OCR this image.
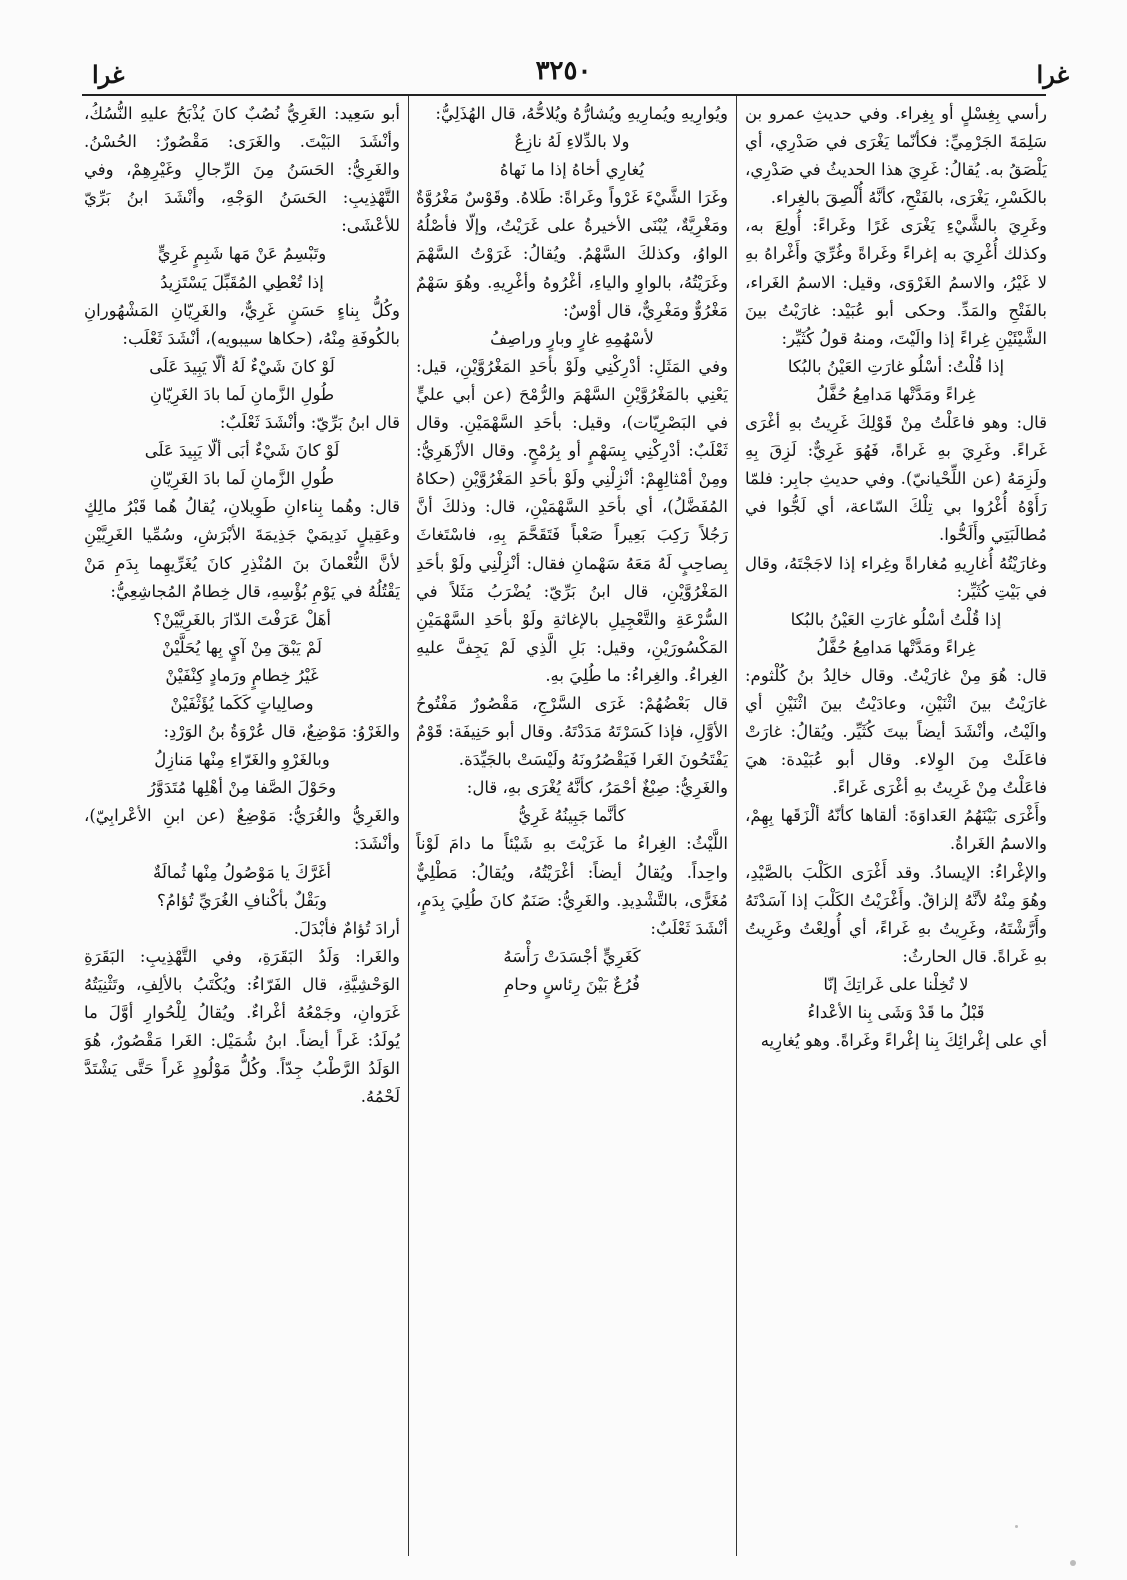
غرا
٣٢٥٠
غرا
رأسي بِغِسْلٍ أو بِغِراء. وفي حديثِ عمرو بن سَلِمَةَ الجَرْمِيِّ: فكأنّما يَغْرَى في صَدْرِي، أي يَلْصَقُ به. يُقالُ: غَرِيَ هذا الحديثُ في صَدْرِي، بالكَسْرِ، يَغْرَى، بالفَتْحِ، كأنَّهُ أُلْصِقَ بالغِراء.
وغَرِيَ بالشَّيْءِ يَغْرَى غَرًا وغَراءً: أُولِعَ به، وكذلك أُغْرِيَ به إغراءً وغَراةً وغُرِّيَ وأَغْراهُ بهِ لا غَيْرُ، والاسمُ الغَرْوَى، وقيل: الاسمُ الغَراء، بالفَتْحِ والمَدِّ. وحكى أبو عُبَيْد: غارَيْتُ بينَ الشَّيْئَيْنِ غِراءً إذا والَيْتَ، ومنهُ قولُ كُثَيِّر:
إذا قُلْتُ: أسْلُو غارَتِ العَيْنُ بالبُكا
غِراءً ومَدَّتْها مَدامِعُ حُفَّلُ
قال: وهو فاعَلْتُ مِنْ قَوْلِكَ غَرِيتُ بهِ أغْرَى غَراءً. وغَرِيَ بهِ غَراةً، فَهُوَ غَرِيٌّ: لَزِقَ بِهِ ولَزِمَهُ (عن اللِّحْيانيّ). وفي حديثِ جابِر: فلمّا رَأَوْهُ أُغْرُوا بي تِلْكَ السّاعة، أي لَجُّوا في مُطالَبَتِي وأَلَحُّوا.
وغارَيْتُهُ أُغارِيهِ مُغاراةً وغِراء إذا لاجَجْتَهُ، وقال في بَيْتِ كُثَيِّر:
إذا قُلْتُ أسْلُو غارَتِ العَيْنُ بالبُكا
غِراءً ومَدَّتْها مَدامِعُ حُفَّلُ
قال: هُوَ مِنْ غارَيْتُ. وقال خالِدُ بنُ كُلْثوم: غارَيْتُ بينَ اثْنَيْنِ، وعادَيْتُ بينَ اثْنَيْنِ أي والَيْتُ، وأنْشَدَ أيضاً بيتَ كُثَيِّر. ويُقالُ: غارَتْ فاعَلَتْ مِنَ الوِلاء. وقال أبو عُبَيْدة: هيَ فاعَلْتُ مِنْ غَرِيتُ بهِ أغْرَى غَراءً.
وأَغْرَى بَيْنَهُمُ العَداوَةَ: ألقاها كأنّهُ ألْزَقَها بِهِمْ، والاسمُ الغَراةُ.
والإغْراءُ: الإيسادُ. وقد أَغْرَى الكَلْبَ بالصَّيْدِ، وهُوَ مِنْهُ لأنَّهُ إلزاقٌ. وأَغْرَيْتُ الكَلْبَ إذا آسَدْتَهُ وأَرَّشْتَهُ، وغَرِيتُ بهِ غَراءً، أي أُولِعْتُ وغَرِيتُ بهِ غَراةً. قال الحارثُ:
لا تُخِلْنا على غَراتِكَ إنّا
قَبْلُ ما قَدْ وَشَى بِنا الأعْداءُ
أي على إغْرائِكَ بِنا إغْراءً وغَراةً. وهو يُغارِيه
ويُوارِيهِ ويُمارِيهِ ويُشارُّهُ ويُلاحُّهُ، قال الهُذَلِيُّ:
ولا بالدِّلاءِ لَهُ نازِعٌ
يُغارِي أخاهُ إذا ما نَهاهُ
وغَرَا الشَّيْءَ غَرْواً وغَراةً: طَلاهُ. وقَوْسٌ مَغْرُوَّةٌ ومَغْرِيَّةٌ، يُبْنَى الأخيرةُ على غَرَيْتُ، وإلّا فأصْلُهُ الواوُ، وكذلكَ السَّهْمُ. ويُقالُ: غَرَوْتُ السَّهْمَ وغَرَيْتُهُ، بالواوِ والياءِ، أغْرُوهُ وأغْرِيهِ. وهُوَ سَهْمٌ مَغْرُوٌّ ومَغْرِيٌّ، قال أوْسٌ:
لأسْهُمِهِ غارٍ وبارٍ وراصِفُ
وفي المَثَلِ: أدْرِكْنِي ولَوْ بأحَدِ المَغْرُوَّيْنِ، قيل: يَعْنِي بالمَغْرُوَّيْنِ السَّهْمَ والرُّمْحَ (عن أبي عليٍّ في البَصْرِيّات)، وقيل: بأحَدِ السَّهْمَيْنِ. وقال ثَعْلَبٌ: أدْرِكْنِي بِسَهْمٍ أو بِرُمْحٍ. وقال الأزْهَرِيُّ: ومِنْ أمْثالِهِمْ: أنْزِلْنِي ولَوْ بأحَدِ المَغْرُوَّيْنِ (حكاهُ المُفَضَّلُ)، أي بأحَدِ السَّهْمَيْنِ، قال: وذلكَ أنَّ رَجُلاً رَكِبَ بَعِيراً صَعْباً فَتَقَحَّمَ بِهِ، فاسْتَغاثَ بِصاحِبٍ لَهُ مَعَهُ سَهْمانِ فقال: أنْزِلْنِي ولَوْ بأحَدِ المَغْرُوَّيْنِ، قال ابنُ بَرِّيّ: يُضْرَبُ مَثَلاً في السُّرْعَةِ والتَّعْجِيلِ بالإغاثةِ ولَوْ بأحَدِ السَّهْمَيْنِ المَكْسُورَيْنِ، وقيل: بَلِ الَّذِي لَمْ يَجِفَّ عليهِ الغِراءُ. والغِراءُ: ما طُلِيَ بهِ.
قال بَعْضُهُمْ: غَرَى السَّرْجِ، مَقْصُورٌ مَفْتُوحُ الأوَّلِ، فإذا كَسَرْتَهُ مَدَدْتَهُ. وقال أبو حَنِيفَة: قَوْمٌ يَفْتَحُونَ الغَرا فَيَقْصُرُونَهُ ولَيْسَتْ بالجَيِّدَة.
والغَرِيُّ: صِبْغٌ أحْمَرُ، كأنَّهُ يُغْرَى بهِ، قال:
كأنَّما جَبِينُهُ غَرِيُّ
اللَّيْثُ: الغِراءُ ما غَرَيْتَ بهِ شَيْئاً ما دامَ لَوْناً واحِداً. ويُقالُ أيضاً: أغْرَيْتُهُ، ويُقالُ: مَطْلِيٌّ مُغَرًّى، بالتَّشْدِيدِ. والغَرِيُّ: صَنَمٌ كانَ طُلِيَ بِدَمٍ، أنْشَدَ ثَعْلَبٌ:
كَغَرِيٍّ أجْسَدَتْ رَأْسَهُ
فُرُعٌ بَيْنَ رِئاسٍ وحامِ
أبو سَعِيد: الغَرِيُّ نُصُبٌ كانَ يُذْبَحُ عليهِ النُّسُكُ، وأنْشَدَ البَيْتَ. والغَرَى: مَقْصُورٌ: الحُسْنُ. والغَرِيُّ: الحَسَنُ مِنَ الرِّجالِ وغَيْرِهِمْ، وفي التَّهْذِيبِ: الحَسَنُ الوَجْهِ، وأنْشَدَ ابنُ بَرِّيّ للأعْشَى:
وتَبْسِمُ عَنْ مَها شَبِمٍ غَرِيٍّ
إذا تُعْطِي المُقَبِّلَ يَسْتَزِيدُ
وكُلُّ بِناءٍ حَسَنٍ غَرِيٌّ، والغَرِيّانِ المَشْهُورانِ بالكُوفَةِ مِنْهُ، (حكاها سيبويه)، أنْشَدَ ثَعْلَب:
لَوْ كانَ شَيْءٌ لَهُ ألّا يَبِيدَ عَلَى
طُولِ الزَّمانِ لَما بادَ الغَرِيّانِ
قال ابنُ بَرِّيّ: وأنْشَدَ ثَعْلَبٌ:
لَوْ كانَ شَيْءٌ أبَى ألّا يَبِيدَ عَلَى
طُولِ الزَّمانِ لَما بادَ الغَرِيّانِ
قال: وهُما بِناءانِ طَوِيلانِ، يُقالُ هُما قَبْرُ مالِكٍ وعَقِيلٍ نَدِيمَيْ جَذِيمَةَ الأبْرَشِ، وسُمِّيا الغَرِيَّيْنِ لأنَّ النُّعْمانَ بنَ المُنْذِرِ كانَ يُغَرِّيهِما بِدَمِ مَنْ يَقْتُلُهُ في يَوْمِ بُؤْسِهِ، قال خِطامٌ المُجاشِعِيُّ:
أهَلْ عَرَفْتَ الدّارَ بالغَرِيَّيْنْ؟
لَمْ يَبْقَ مِنْ آيٍ بِها يُحَلَّيْنْ
غَيْرُ خِطامٍ ورَمادٍ كِنْفَيْنْ
وصالِياتٍ كَكَما يُؤَثْفَيْنْ
والغَرْوُ: مَوْضِعٌ، قال عُرْوَةُ بنُ الوَرْدِ:
وبالغَرْوِ والغَرّاءِ مِنْها مَنازِلُ
وحَوْلَ الصَّفا مِنْ أهْلِها مُتَدَوَّرُ
والغَرِيُّ والغُرَيُّ: مَوْضِعٌ (عن ابنِ الأعْرابِيّ)، وأنْشَدَ:
أغَرَّكَ يا مَوْصُولُ مِنْها ثُمالَةٌ
وبَقْلٌ بأكْنافِ الغُرَيِّ تُؤامُ؟
أرادَ تُؤامٌ فأبْدَلَ.
والغَرا: وَلَدُ البَقَرَةِ، وفي التَّهْذِيبِ: البَقَرَةِ الوَحْشِيَّةِ، قال الفَرّاءُ: ويُكْتَبُ بالألِفِ، وتَثْنِيَتُهُ غَرَوانِ، وجَمْعُهُ أغْراءٌ. ويُقالُ لِلْحُوارِ أوَّلَ ما يُولَدُ: غَراً أيضاً. ابنُ شُمَيْل: الغَرا مَقْصُورٌ، هُوَ الوَلَدُ الرَّطْبُ جِدّاً. وكُلُّ مَوْلُودٍ غَراً حَتَّى يَشْتَدَّ لَحْمُهُ.
